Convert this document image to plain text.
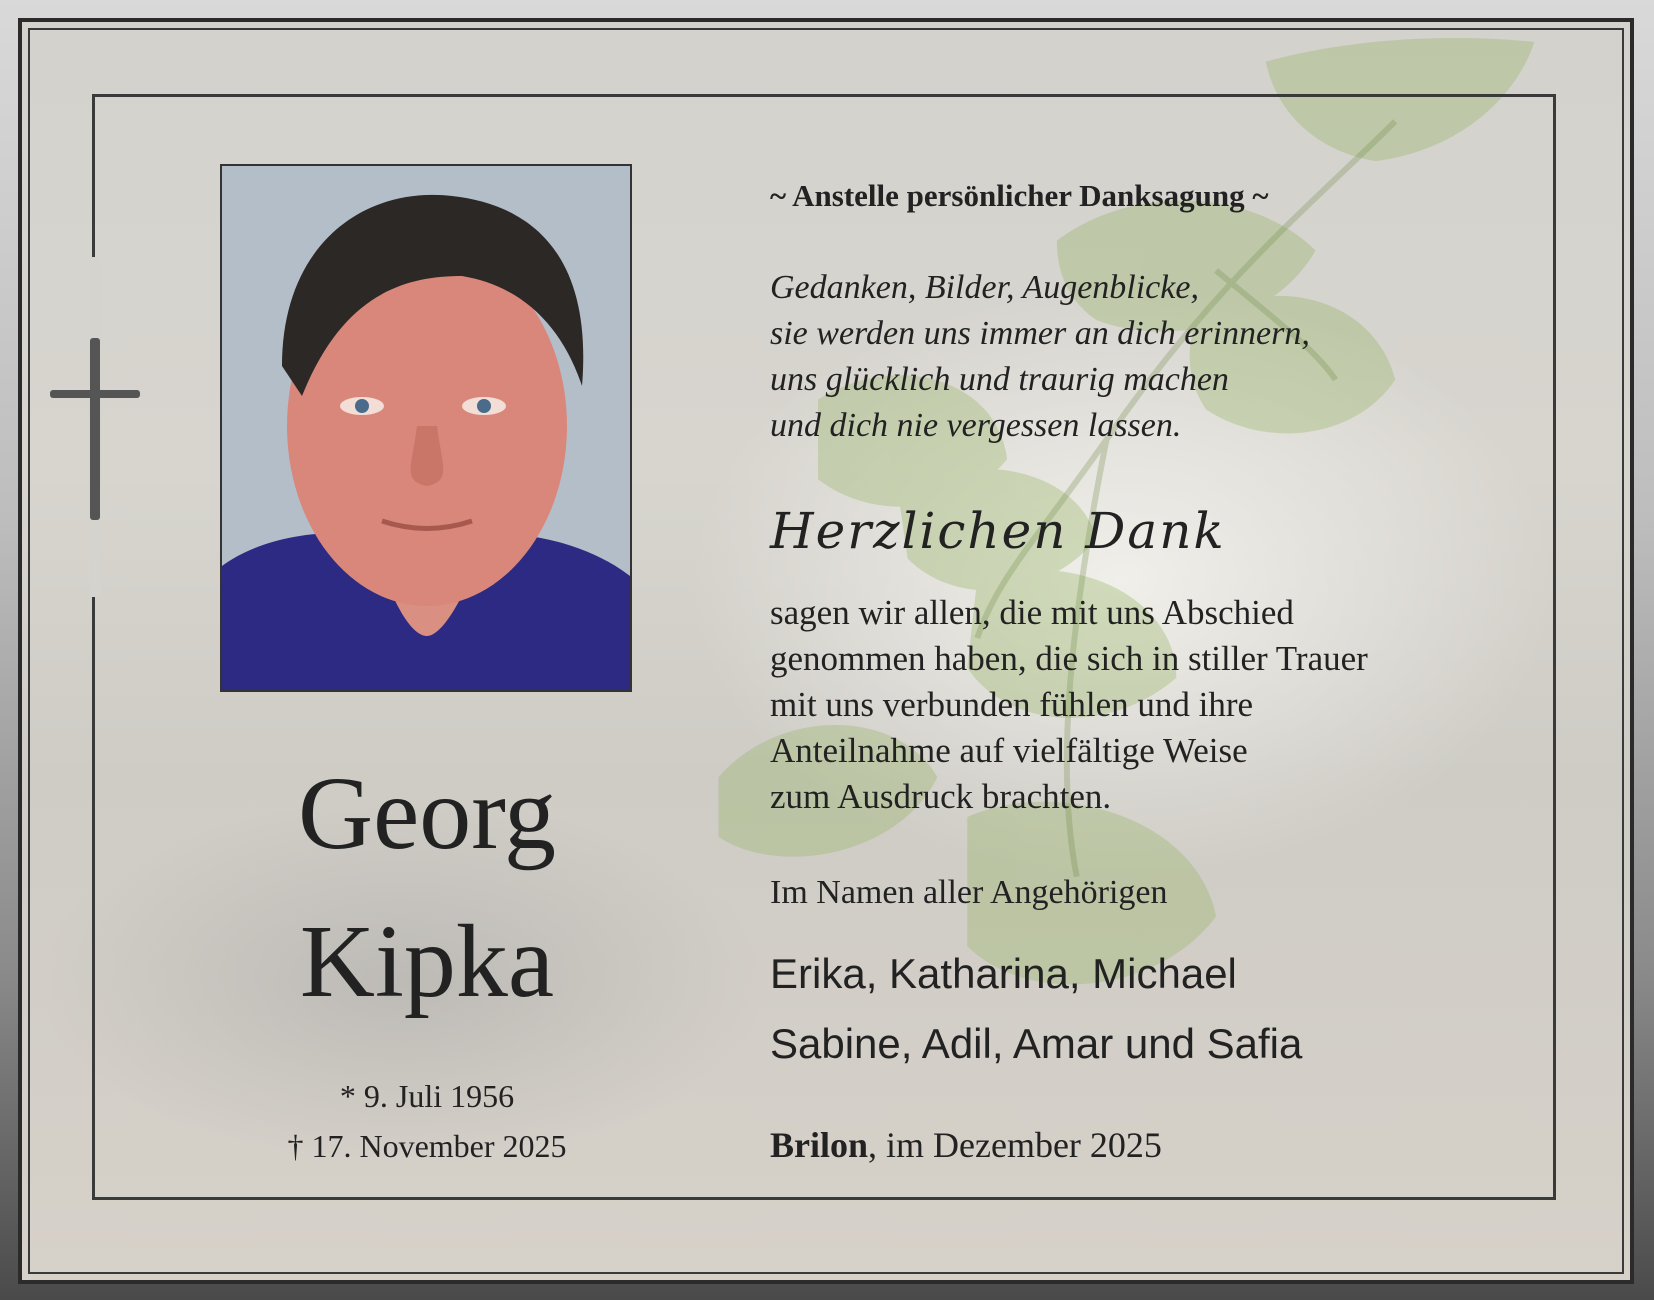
Georg
Kipka
* 9. Juli 1956
† 17. November 2025
~ Anstelle persönlicher Danksagung ~
Gedanken, Bilder, Augenblicke,
sie werden uns immer an dich erinnern,
uns glücklich und traurig machen
und dich nie vergessen lassen.
Herzlichen Dank
sagen wir allen, die mit uns Abschied
genommen haben, die sich in stiller Trauer
mit uns verbunden fühlen und ihre
Anteilnahme auf vielfältige Weise
zum Ausdruck brachten.
Im Namen aller Angehörigen
Erika, Katharina, Michael
Sabine, Adil, Amar und Safia
Brilon, im Dezember 2025
